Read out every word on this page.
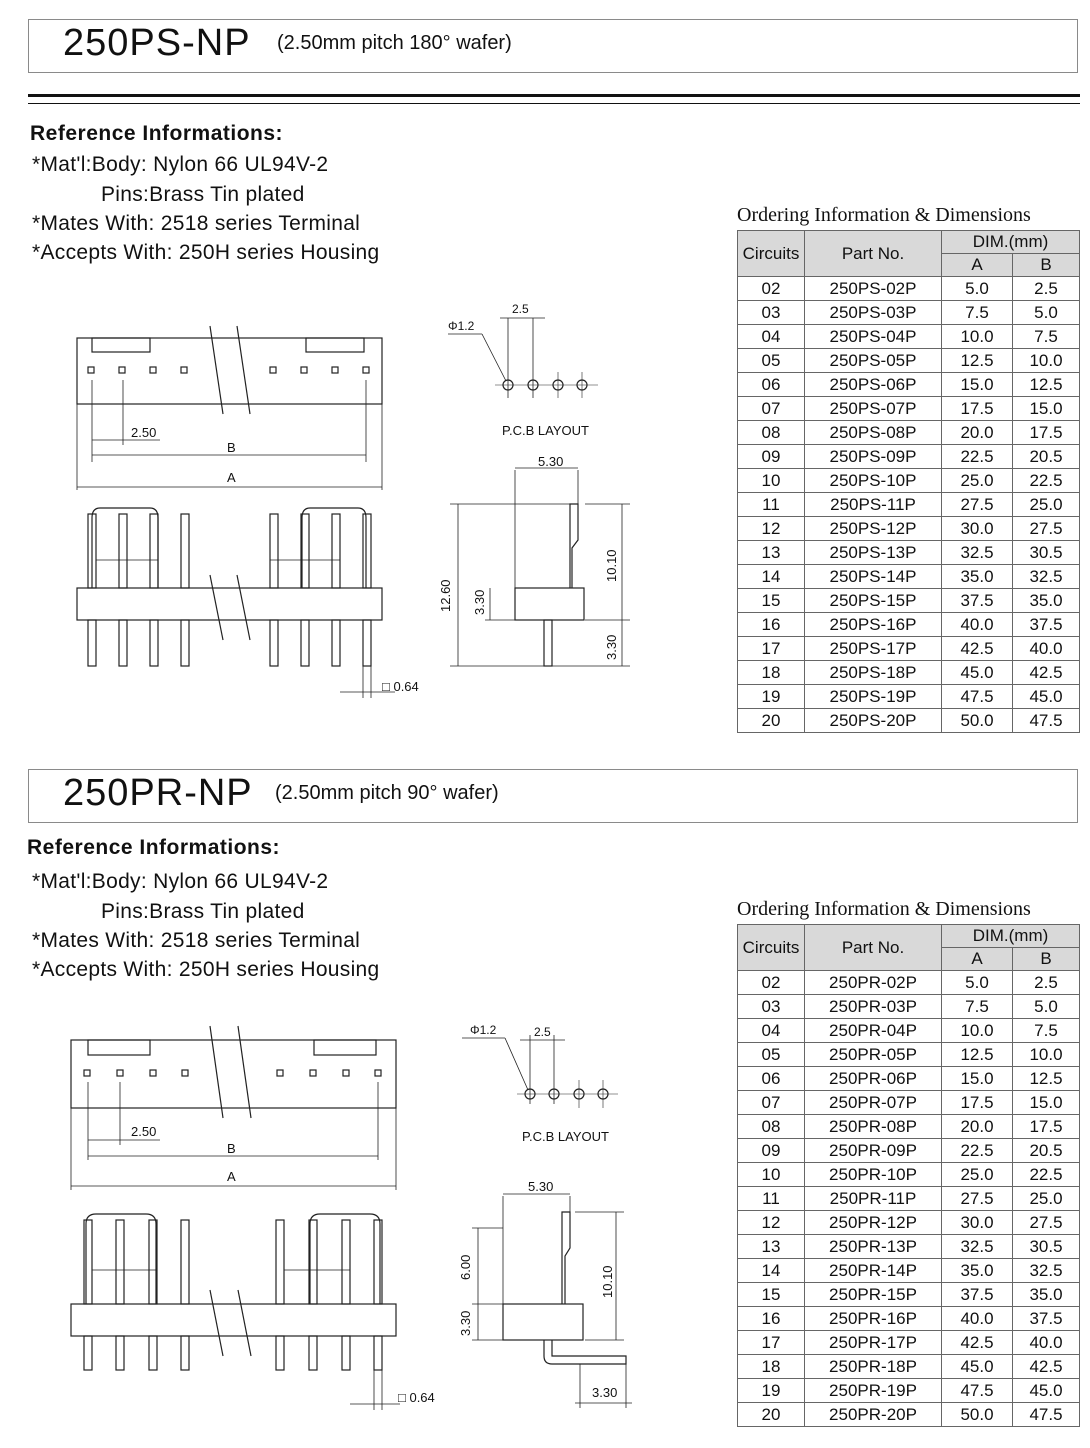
250PS-NP (2.50mm pitch 180° wafer)
Reference Informations:
*Mat'l:Body: Nylon 66 UL94V-2
Pins:Brass Tin plated
*Mates With: 2518 series Terminal
*Accepts With: 250H series Housing
2.50
B
A
□ 0.64
Φ1.2
2.5
P.C.B LAYOUT
5.30
12.60 3.30
10.10
3.30
Ordering Information & Dimensions
Circuits	Part No.	DIM.(mm)	
		A	B
02	250PS-02P	5.0	2.5
03	250PS-03P	7.5	5.0
04	250PS-04P	10.0	7.5
05	250PS-05P	12.5	10.0
06	250PS-06P	15.0	12.5
07	250PS-07P	17.5	15.0
08	250PS-08P	20.0	17.5
09	250PS-09P	22.5	20.5
10	250PS-10P	25.0	22.5
11	250PS-11P	27.5	25.0
12	250PS-12P	30.0	27.5
13	250PS-13P	32.5	30.5
14	250PS-14P	35.0	32.5
15	250PS-15P	37.5	35.0
16	250PS-16P	40.0	37.5
17	250PS-17P	42.5	40.0
18	250PS-18P	45.0	42.5
19	250PS-19P	47.5	45.0
20	250PS-20P	50.0	47.5
250PR-NP (2.50mm pitch 90° wafer)
Reference Informations:
*Mat'l:Body: Nylon 66 UL94V-2
Pins:Brass Tin plated
*Mates With: 2518 series Terminal
*Accepts With: 250H series Housing
2.50
B
A
□ 0.64
Φ1.2	2.5
P.C.B LAYOUT
5.30
6.00
3.30
10.10
3.30
Ordering Information & Dimensions
Circuits	Part No.	DIM.(mm)	
		A	B
02	250PR-02P	5.0	2.5
03	250PR-03P	7.5	5.0
04	250PR-04P	10.0	7.5
05	250PR-05P	12.5	10.0
06	250PR-06P	15.0	12.5
07	250PR-07P	17.5	15.0
08	250PR-08P	20.0	17.5
09	250PR-09P	22.5	20.5
10	250PR-10P	25.0	22.5
11	250PR-11P	27.5	25.0
12	250PR-12P	30.0	27.5
13	250PR-13P	32.5	30.5
14	250PR-14P	35.0	32.5
15	250PR-15P	37.5	35.0
16	250PR-16P	40.0	37.5
17	250PR-17P	42.5	40.0
18	250PR-18P	45.0	42.5
19	250PR-19P	47.5	45.0
20	250PR-20P	50.0	47.5
